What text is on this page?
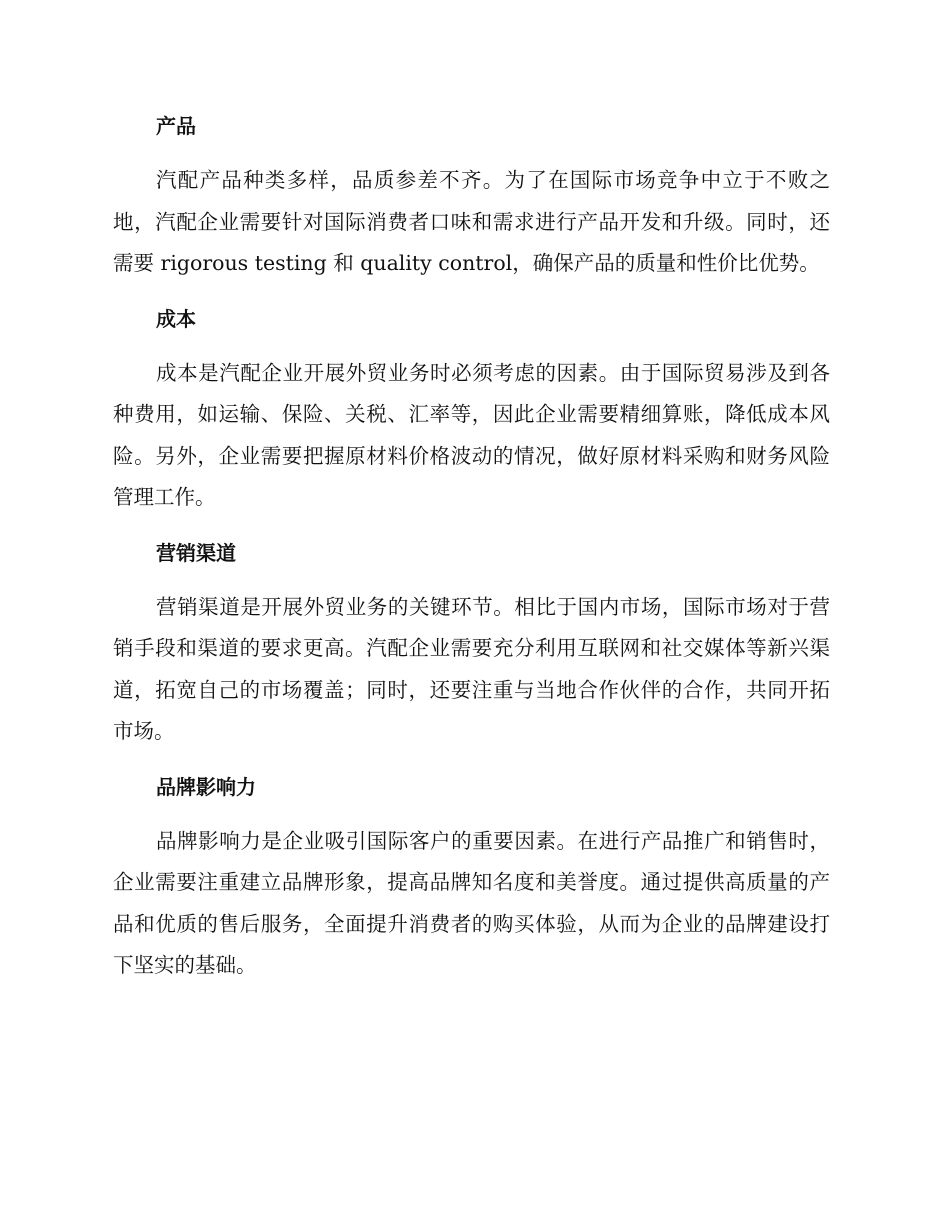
产品

汽配产品种类多样，品质参差不齐。为了在国际市场竞争中立于不败之地，汽配企业需要针对国际消费者口味和需求进行产品开发和升级。同时，还需要 rigorous testing 和 quality control，确保产品的质量和性价比优势。

成本

成本是汽配企业开展外贸业务时必须考虑的因素。由于国际贸易涉及到各种费用，如运输、保险、关税、汇率等，因此企业需要精细算账，降低成本风险。另外，企业需要把握原材料价格波动的情况，做好原材料采购和财务风险管理工作。

营销渠道

营销渠道是开展外贸业务的关键环节。相比于国内市场，国际市场对于营销手段和渠道的要求更高。汽配企业需要充分利用互联网和社交媒体等新兴渠道，拓宽自己的市场覆盖；同时，还要注重与当地合作伙伴的合作，共同开拓市场。

品牌影响力

品牌影响力是企业吸引国际客户的重要因素。在进行产品推广和销售时，企业需要注重建立品牌形象，提高品牌知名度和美誉度。通过提供高质量的产品和优质的售后服务，全面提升消费者的购买体验，从而为企业的品牌建设打下坚实的基础。
